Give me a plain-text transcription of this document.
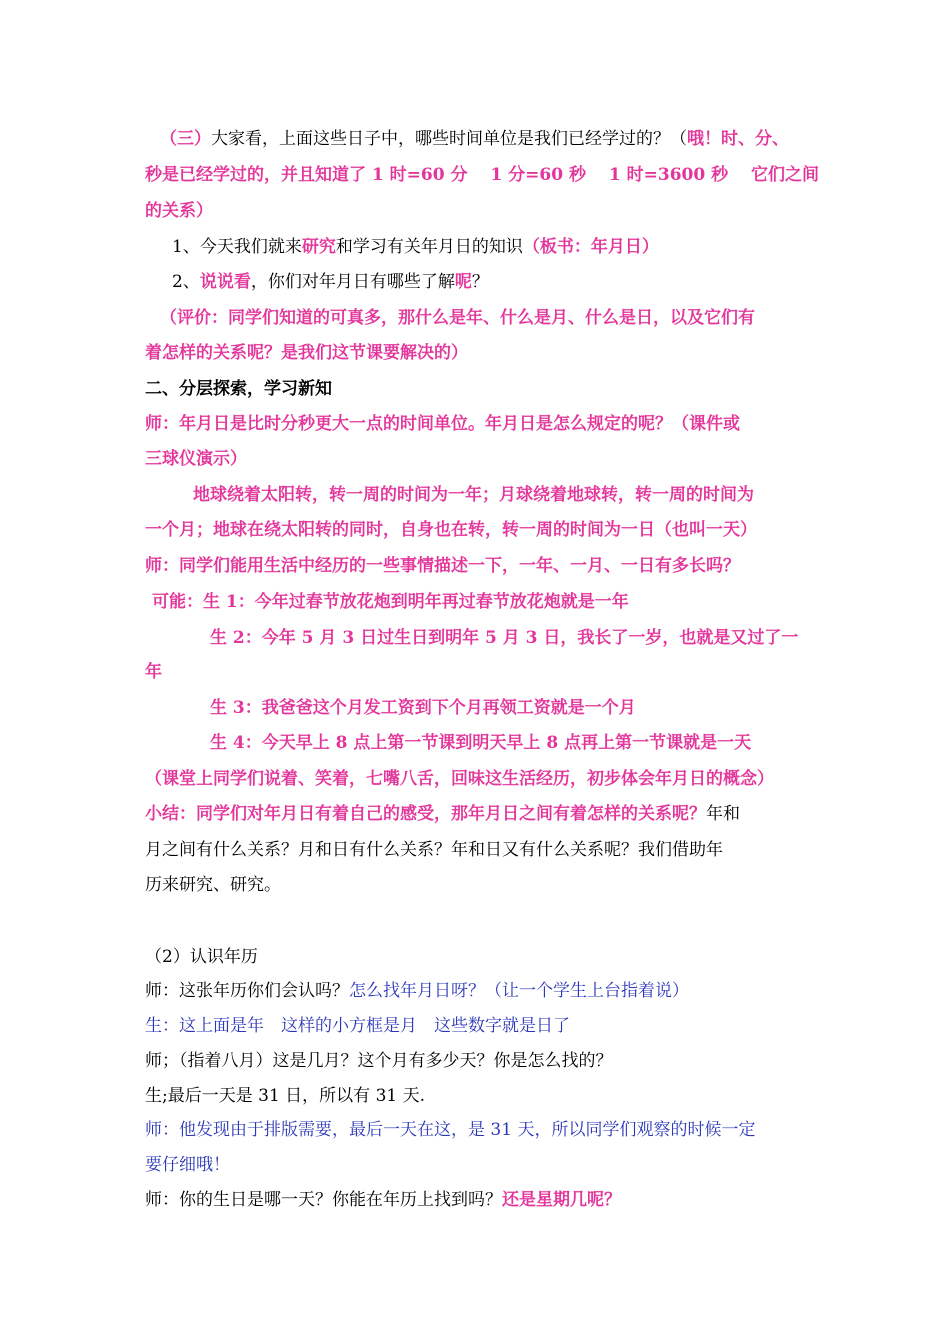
（三）大家看，上面这些日子中，哪些时间单位是我们已经学过的？（哦！时、分、
秒是已经学过的，并且知道了 1 时=60 分　 1 分=60 秒　 1 时=3600 秒　 它们之间
的关系）
1、今天我们就来研究和学习有关年月日的知识（板书：年月日）
2、说说看，你们对年月日有哪些了解呢？
（评价：同学们知道的可真多，那什么是年、什么是月、什么是日，以及它们有
着怎样的关系呢？是我们这节课要解决的）
二、分层探索，学习新知
师：年月日是比时分秒更大一点的时间单位。年月日是怎么规定的呢？（课件或
三球仪演示）
地球绕着太阳转，转一周的时间为一年；月球绕着地球转，转一周的时间为
一个月；地球在绕太阳转的同时，自身也在转，转一周的时间为一日（也叫一天）
师：同学们能用生活中经历的一些事情描述一下，一年、一月、一日有多长吗？
可能：生 1：今年过春节放花炮到明年再过春节放花炮就是一年
生 2：今年 5 月 3 日过生日到明年 5 月 3 日，我长了一岁，也就是又过了一
年
生 3：我爸爸这个月发工资到下个月再领工资就是一个月
生 4：今天早上 8 点上第一节课到明天早上 8 点再上第一节课就是一天
（课堂上同学们说着、笑着，七嘴八舌，回味这生活经历，初步体会年月日的概念）
小结：同学们对年月日有着自己的感受，那年月日之间有着怎样的关系呢？年和
月之间有什么关系？月和日有什么关系？年和日又有什么关系呢？我们借助年
历来研究、研究。
（2）认识年历
师：这张年历你们会认吗？怎么找年月日呀？（让一个学生上台指着说）
生：这上面是年　这样的小方框是月　这些数字就是日了
师；（指着八月）这是几月？这个月有多少天？你是怎么找的？
生;最后一天是 31 日，所以有 31 天.
师：他发现由于排版需要，最后一天在这，是 31 天，所以同学们观察的时候一定
要仔细哦！
师：你的生日是哪一天？你能在年历上找到吗？还是星期几呢？
